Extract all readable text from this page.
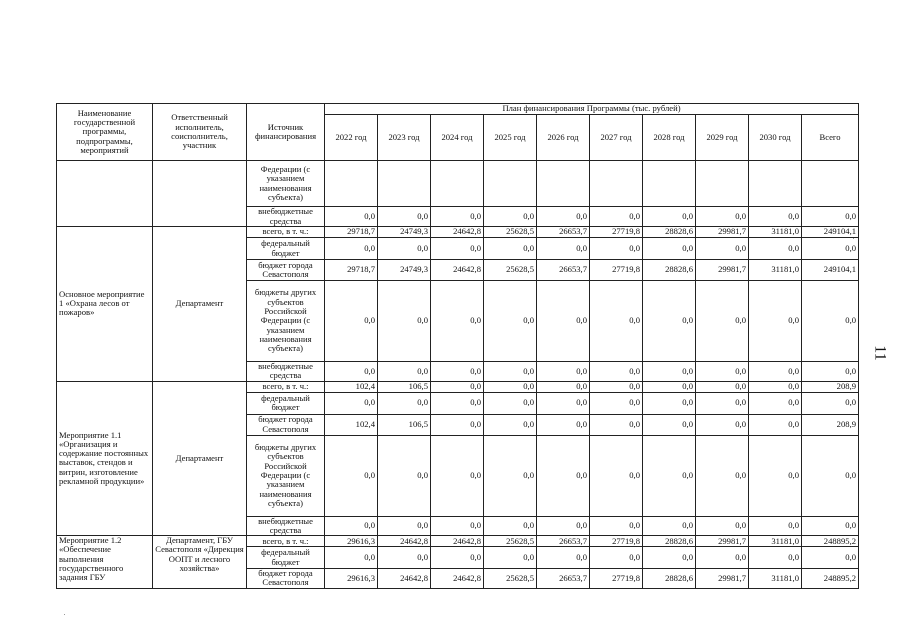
Наименование государственной программы, подпрограммы, мероприятий	Ответственный исполнитель, соисполнитель, участник	Источник финансирования	План финансирования Программы (тыс. рублей)									
			2022 год	2023 год	2024 год	2025 год	2026 год	2027 год	2028 год	2029 год	2030 год	Всего
		Федерации (с указанием наименования субъекта)										
		внебюджетные средства	0,0	0,0	0,0	0,0	0,0	0,0	0,0	0,0	0,0	0,0
Основное мероприятие 1 «Охрана лесов от пожаров»	Департамент	всего, в т. ч.:	29718,7	24749,3	24642,8	25628,5	26653,7	27719,8	28828,6	29981,7	31181,0	249104,1
		федеральный бюджет	0,0	0,0	0,0	0,0	0,0	0,0	0,0	0,0	0,0	0,0
		бюджет города Севастополя	29718,7	24749,3	24642,8	25628,5	26653,7	27719,8	28828,6	29981,7	31181,0	249104,1
		бюджеты других субъектов Российской Федерации (с указанием наименования субъекта)	0,0	0,0	0,0	0,0	0,0	0,0	0,0	0,0	0,0	0,0
		внебюджетные средства	0,0	0,0	0,0	0,0	0,0	0,0	0,0	0,0	0,0	0,0
Мероприятие 1.1 «Организация и содержание постоянных выставок, стендов и витрин, изготовление рекламной продукции»	Департамент	всего, в т. ч.:	102,4	106,5	0,0	0,0	0,0	0,0	0,0	0,0	0,0	208,9
		федеральный бюджет	0,0	0,0	0,0	0,0	0,0	0,0	0,0	0,0	0,0	0,0
		бюджет города Севастополя	102,4	106,5	0,0	0,0	0,0	0,0	0,0	0,0	0,0	208,9
		бюджеты других субъектов Российской Федерации (с указанием наименования субъекта)	0,0	0,0	0,0	0,0	0,0	0,0	0,0	0,0	0,0	0,0
		внебюджетные средства	0,0	0,0	0,0	0,0	0,0	0,0	0,0	0,0	0,0	0,0
Мероприятие 1.2 «Обеспечение выполнения государственного задания ГБУ	Департамент, ГБУ Севастополя «Дирекция ООПТ и лесного хозяйства»	всего, в т. ч.:	29616,3	24642,8	24642,8	25628,5	26653,7	27719,8	28828,6	29981,7	31181,0	248895,2
		федеральный бюджет	0,0	0,0	0,0	0,0	0,0	0,0	0,0	0,0	0,0	0,0
		бюджет города Севастополя	29616,3	24642,8	24642,8	25628,5	26653,7	27719,8	28828,6	29981,7	31181,0	248895,2
11
